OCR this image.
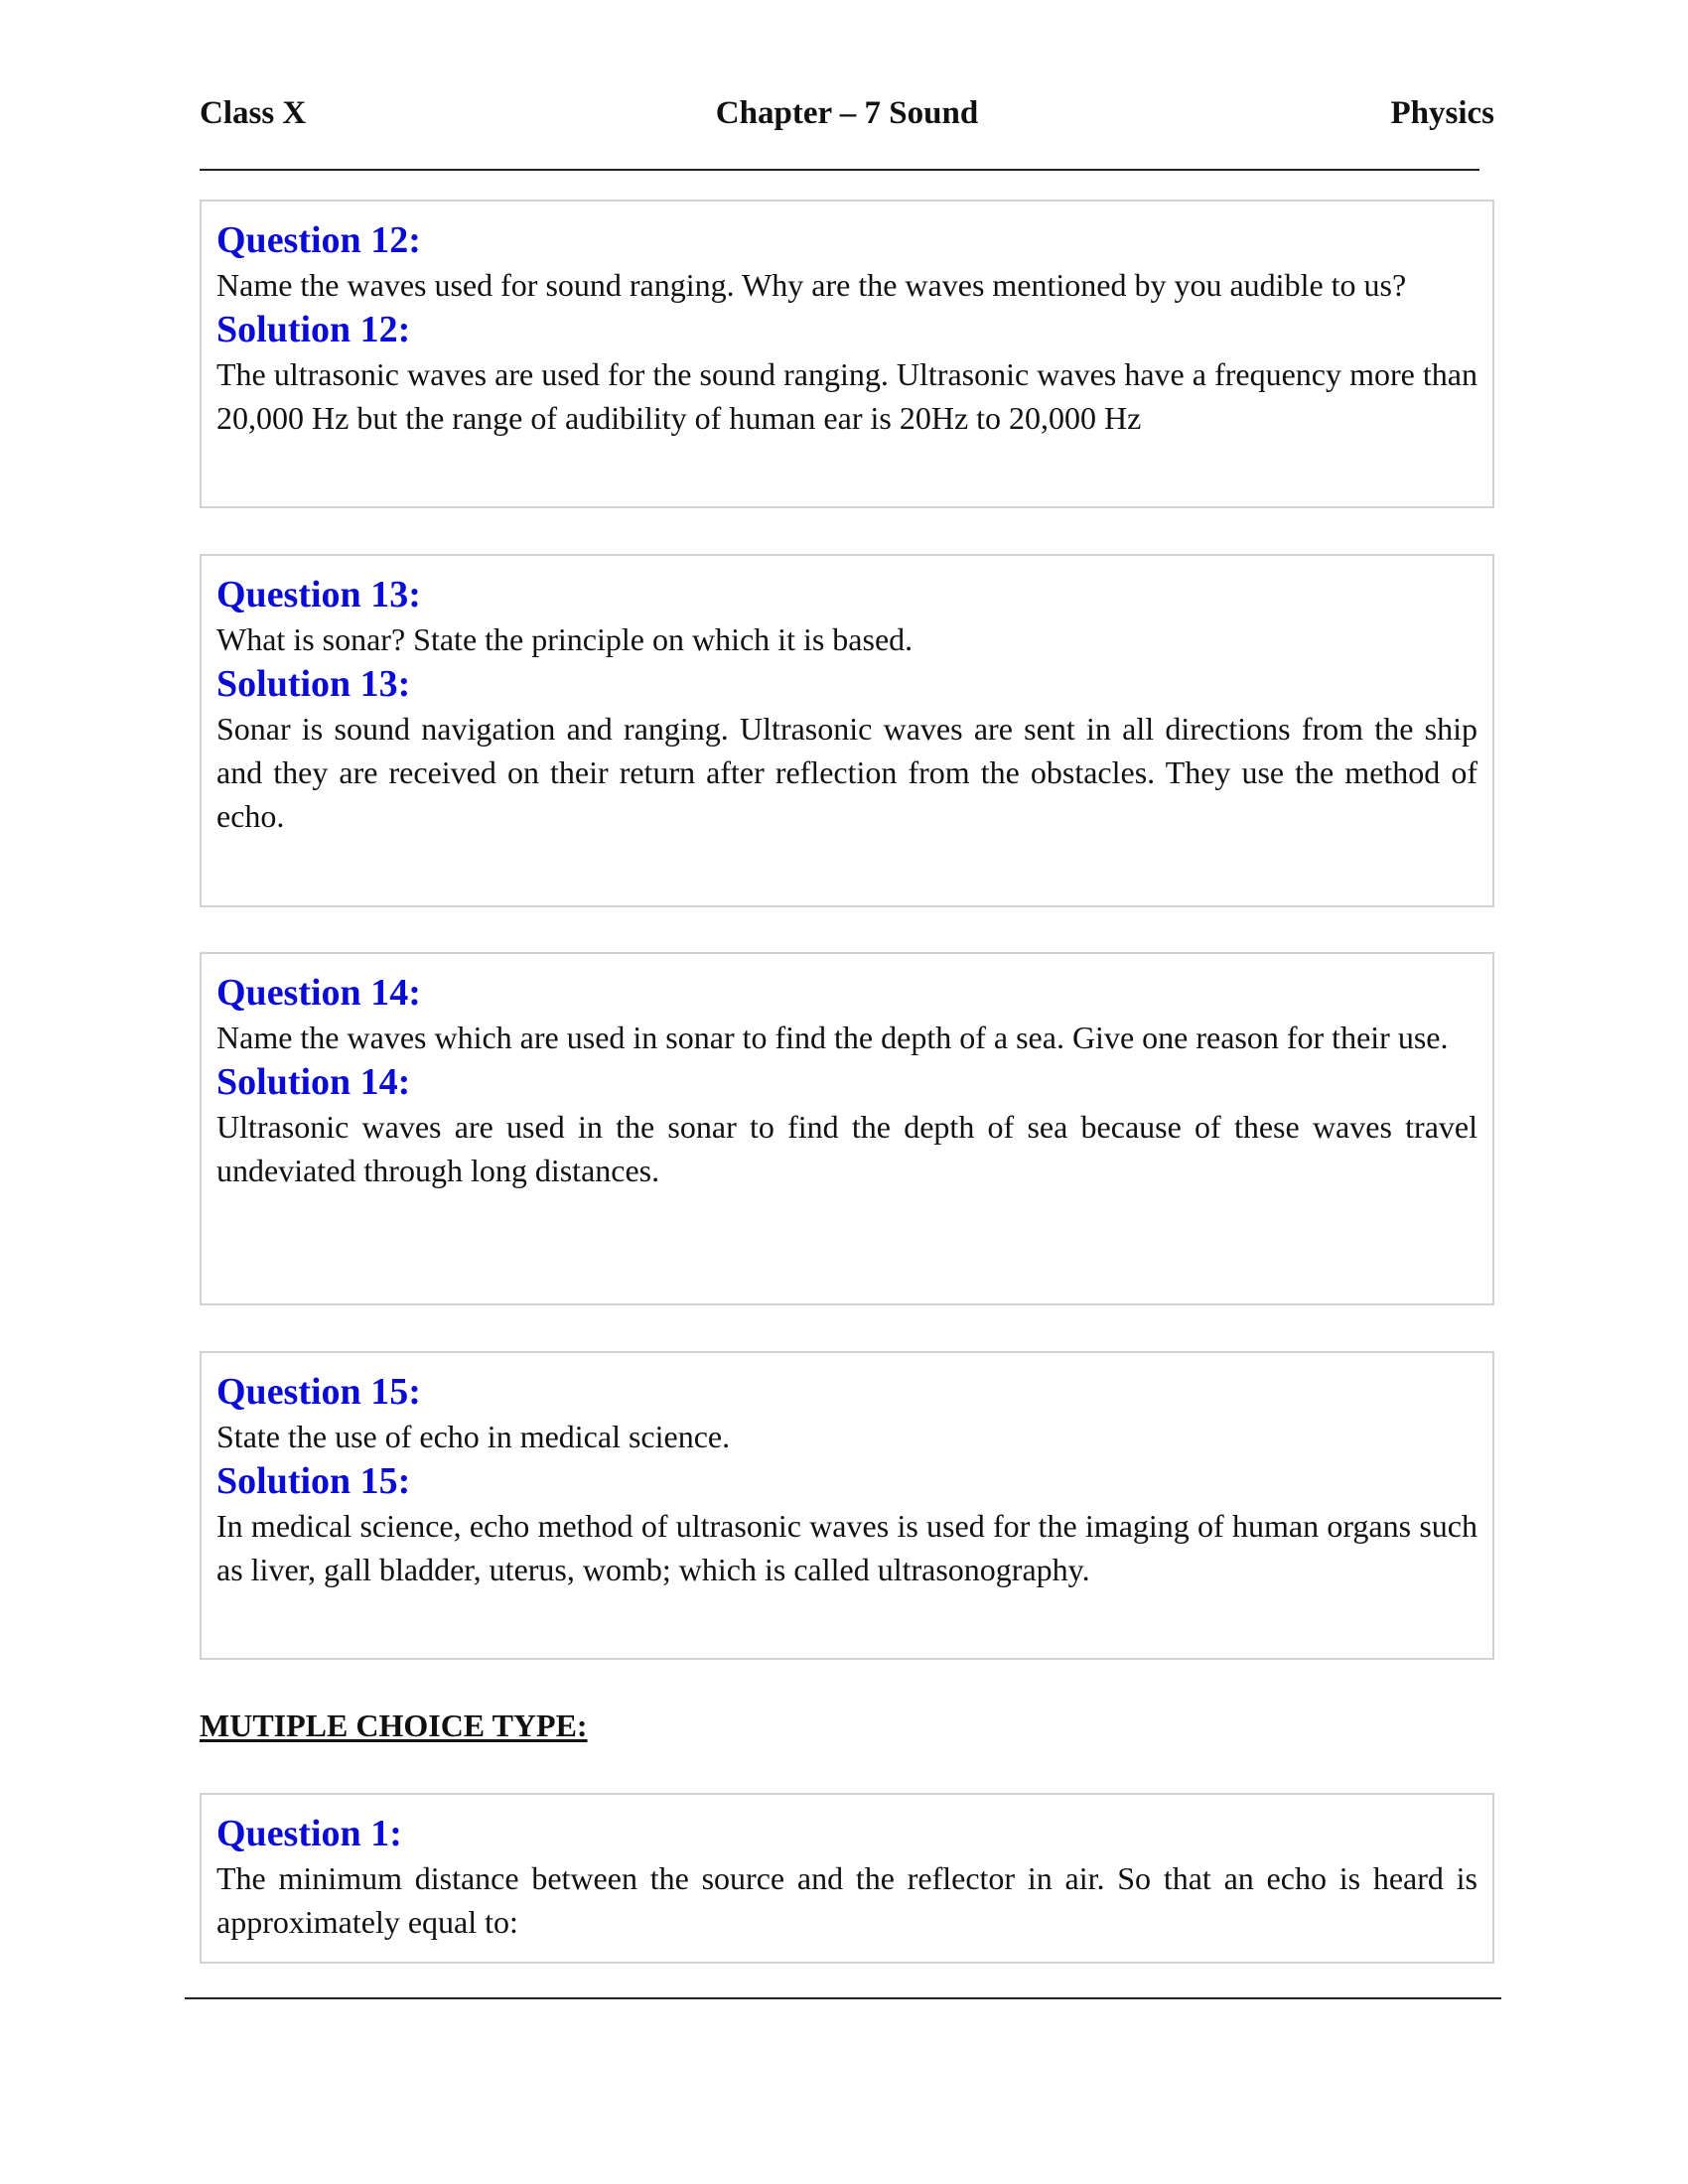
Class X	Chapter – 7 Sound	Physics

Question 12:

Name the waves used for sound ranging. Why are the waves mentioned by you audible to us?

Solution 12:

The ultrasonic waves are used for the sound ranging. Ultrasonic waves have a frequency more than 20,000 Hz but the range of audibility of human ear is 20Hz to 20,000 Hz

Question 13:

What is sonar? State the principle on which it is based.

Solution 13:

Sonar is sound navigation and ranging. Ultrasonic waves are sent in all directions from the ship and they are received on their return after reflection from the obstacles. They use the method of echo.

Question 14:

Name the waves which are used in sonar to find the depth of a sea. Give one reason for their use.

Solution 14:

Ultrasonic waves are used in the sonar to find the depth of sea because of these waves travel undeviated through long distances.

Question 15:

State the use of echo in medical science.

Solution 15:

In medical science, echo method of ultrasonic waves is used for the imaging of human organs such as liver, gall bladder, uterus, womb; which is called ultrasonography.

MUTIPLE CHOICE TYPE:

Question 1:

The minimum distance between the source and the reflector in air. So that an echo is heard is approximately equal to:
